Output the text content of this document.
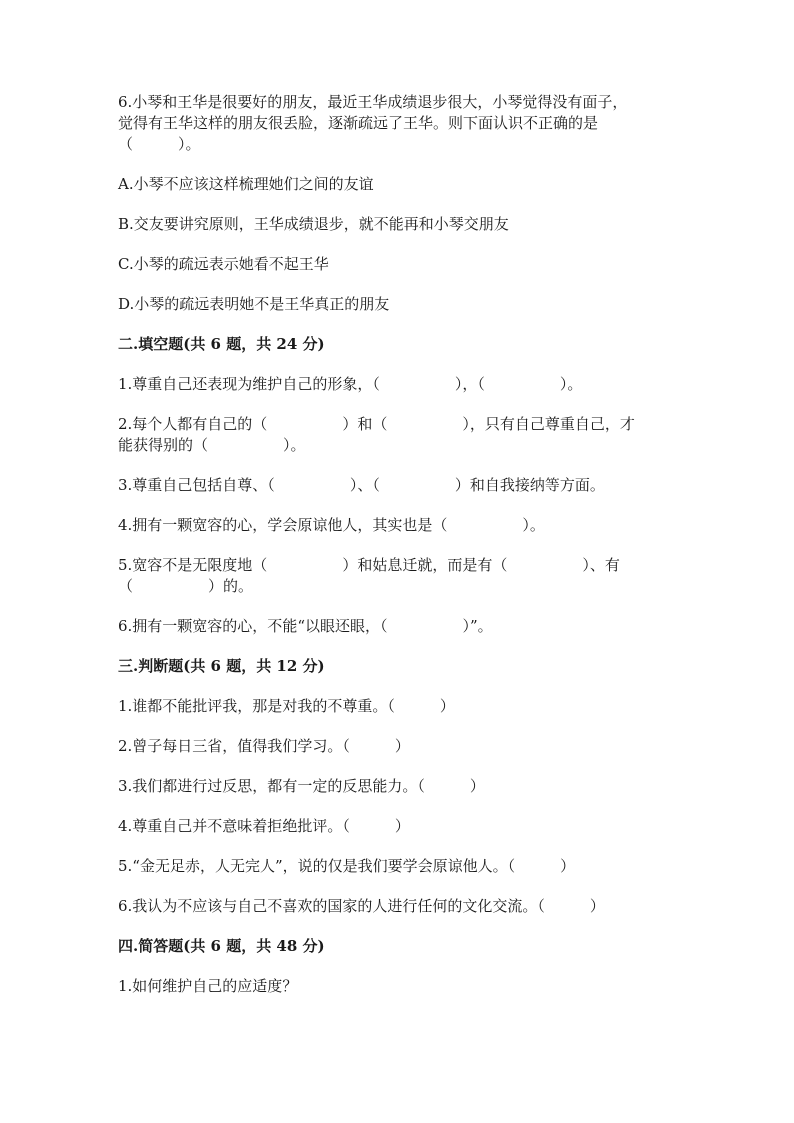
6.小琴和王华是很要好的朋友，最近王华成绩退步很大，小琴觉得没有面子，
觉得有王华这样的朋友很丢脸，逐渐疏远了王华。则下面认识不正确的是
（　　　）。
A.小琴不应该这样梳理她们之间的友谊
B.交友要讲究原则，王华成绩退步，就不能再和小琴交朋友
C.小琴的疏远表示她看不起王华
D.小琴的疏远表明她不是王华真正的朋友
二.填空题(共 6 题，共 24 分)
1.尊重自己还表现为维护自己的形象，（　　　　　），（　　　　　）。
2.每个人都有自己的（　　　　　）和（　　　　　），只有自己尊重自己，才
能获得别的（　　　　　）。
3.尊重自己包括自尊、（　　　　　）、（　　　　　）和自我接纳等方面。
4.拥有一颗宽容的心，学会原谅他人，其实也是（　　　　　）。
5.宽容不是无限度地（　　　　　）和姑息迁就，而是有（　　　　　）、有
（　　　　　）的。
6.拥有一颗宽容的心，不能“以眼还眼，（　　　　　）”。
三.判断题(共 6 题，共 12 分)
1.谁都不能批评我，那是对我的不尊重。（　　　）
2.曾子每日三省，值得我们学习。（　　　）
3.我们都进行过反思，都有一定的反思能力。（　　　）
4.尊重自己并不意味着拒绝批评。（　　　）
5.“金无足赤，人无完人”，说的仅是我们要学会原谅他人。（　　　）
6.我认为不应该与自己不喜欢的国家的人进行任何的文化交流。（　　　）
四.简答题(共 6 题，共 48 分)
1.如何维护自己的应适度？
